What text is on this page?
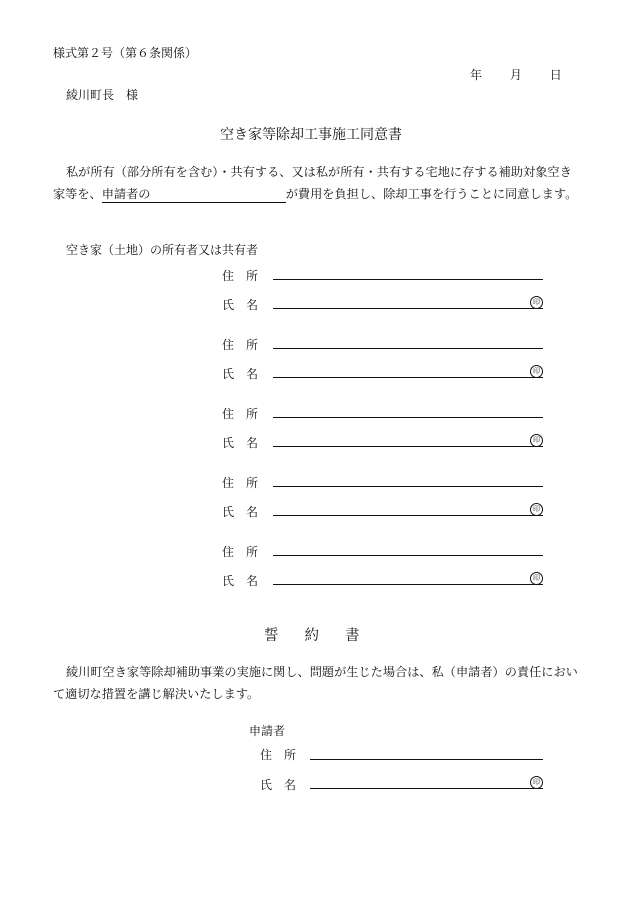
様式第２号（第６条関係）
年 月 日
綾川町長　様
空き家等除却工事施工同意書
私が所有（部分所有を含む）・共有する、又は私が所有・共有する宅地に存する補助対象空き
家等を、申請者の	が費用を負担し、除却工事を行うことに同意します。
空き家（土地）の所有者又は共有者
住 所
氏 名	印
住 所
氏 名	印
住 所
氏 名	印
住 所
氏 名	印
住 所
氏 名	印
誓 約 書
綾川町空き家等除却補助事業の実施に関し、問題が生じた場合は、私（申請者）の責任におい
て適切な措置を講じ解決いたします。
申請者
住 所
氏 名	印
